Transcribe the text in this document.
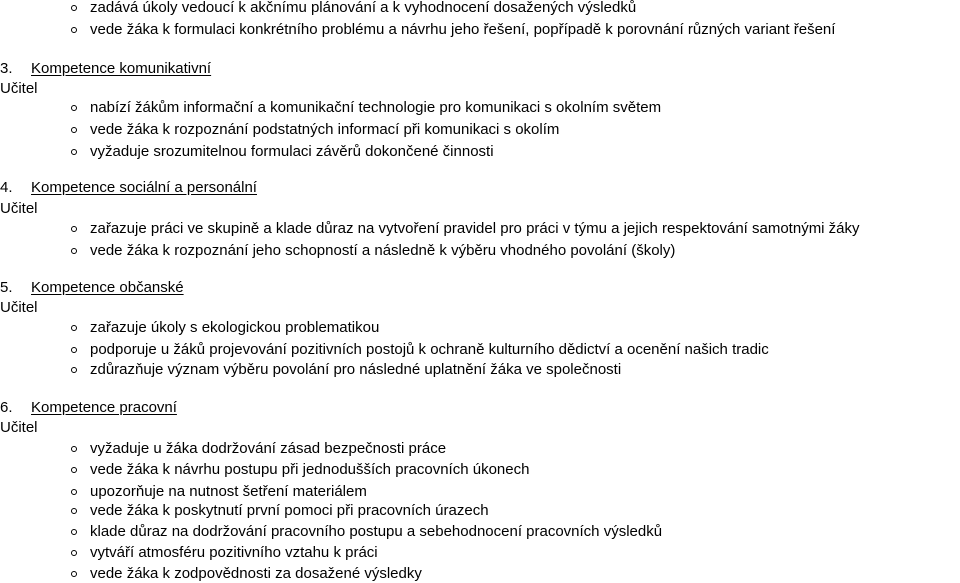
zadává úkoly vedoucí k akčnímu plánování a k vyhodnocení dosažených výsledků
vede žáka k formulaci konkrétního problému a návrhu jeho řešení, popřípadě k porovnání různých variant řešení
3. Kompetence komunikativní
Učitel
nabízí žákům informační a komunikační technologie pro komunikaci s okolním světem
vede žáka k rozpoznání podstatných informací při komunikaci s okolím
vyžaduje srozumitelnou formulaci závěrů dokončené činnosti
4. Kompetence sociální a personální
Učitel
zařazuje práci ve skupině a klade důraz na vytvoření pravidel pro práci v týmu a jejich respektování samotnými žáky
vede žáka k rozpoznání jeho schopností a následně k výběru vhodného povolání (školy)
5. Kompetence občanské
Učitel
zařazuje úkoly s ekologickou problematikou
podporuje u žáků projevování pozitivních postojů k ochraně kulturního dědictví a ocenění našich tradic
zdůrazňuje význam výběru povolání pro následné uplatnění žáka ve společnosti
6. Kompetence pracovní
Učitel
vyžaduje u žáka dodržování zásad bezpečnosti práce
vede žáka k návrhu postupu při jednodušších pracovních úkonech
upozorňuje na nutnost šetření materiálem
vede žáka k poskytnutí první pomoci při pracovních úrazech
klade důraz na dodržování pracovního postupu a sebehodnocení pracovních výsledků
vytváří atmosféru pozitivního vztahu k práci
vede žáka k zodpovědnosti za dosažené výsledky
